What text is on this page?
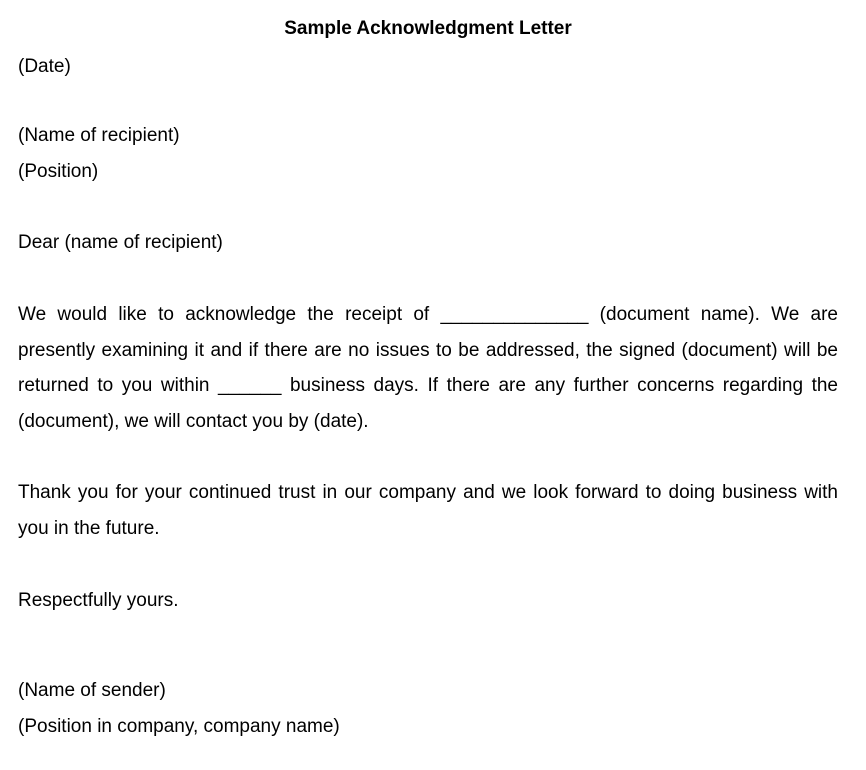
Sample Acknowledgment Letter
(Date)
(Name of recipient)
(Position)
Dear (name of recipient)
We would like to acknowledge the receipt of ______________ (document name). We are presently examining it and if there are no issues to be addressed, the signed (document) will be returned to you within ______ business days. If there are any further concerns regarding the (document), we will contact you by (date).
Thank you for your continued trust in our company and we look forward to doing business with you in the future.
Respectfully yours.
(Name of sender)
(Position in company, company name)
